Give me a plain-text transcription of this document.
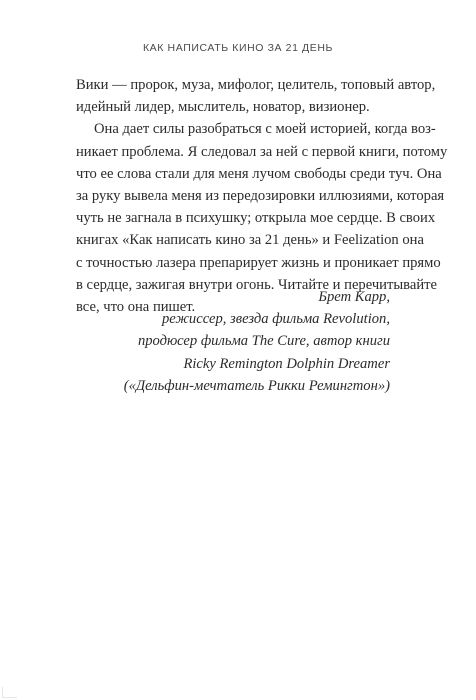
КАК НАПИСАТЬ КИНО ЗА 21 ДЕНЬ
Вики — пророк, муза, мифолог, целитель, топовый автор,
идейный лидер, мыслитель, новатор, визионер.
Она дает силы разобраться с моей историей, когда воз-
никает проблема. Я следовал за ней с первой книги, потому
что ее слова стали для меня лучом свободы среди туч. Она
за руку вывела меня из передозировки иллюзиями, которая
чуть не загнала в психушку; открыла мое сердце. В своих
книгах «Как написать кино за 21 день» и Feelization она
с точностью лазера препарирует жизнь и проникает прямо
в сердце, зажигая внутри огонь. Читайте и перечитывайте
все, что она пишет.
Брет Карр,
режиссер, звезда фильма Revolution,
продюсер фильма The Cure, автор книги
Ricky Remington Dolphin Dreamer
(«Дельфин-мечтатель Рикки Ремингтон»)
